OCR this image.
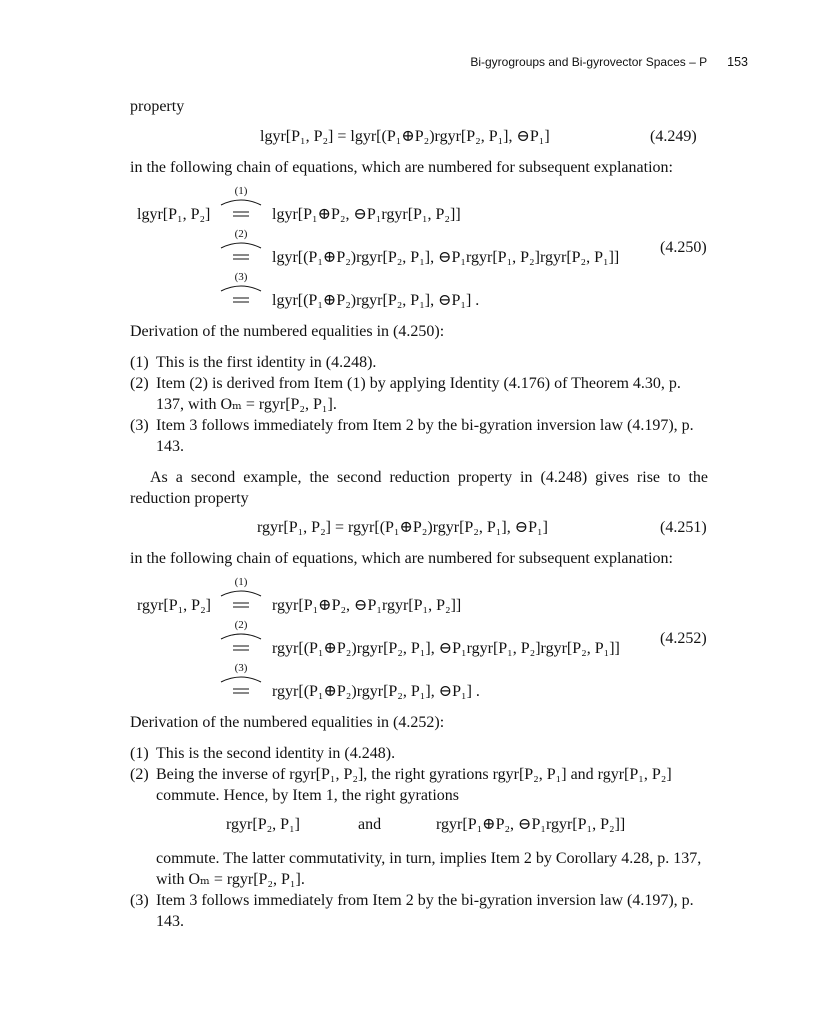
Bi-gyrogroups and Bi-gyrovector Spaces – P 153
property
lgyr[P₁, P₂] = lgyr[(P₁⊕P₂)rgyr[P₂, P₁], ⊖P₁]	(4.249)
in the following chain of equations, which are numbered for subsequent explanation:
lgyr[P₁, P₂]
(1)
lgyr[P₁⊕P₂, ⊖P₁rgyr[P₁, P₂]]
(2)
lgyr[(P₁⊕P₂)rgyr[P₂, P₁], ⊖P₁rgyr[P₁, P₂]rgyr[P₂, P₁]]
(4.250)
(3)
lgyr[(P₁⊕P₂)rgyr[P₂, P₁], ⊖P₁] .
Derivation of the numbered equalities in (4.250):
(1) This is the first identity in (4.248).
(2) Item (2) is derived from Item (1) by applying Identity (4.176) of Theorem 4.30, p. 137, with Oₘ = rgyr[P₂, P₁].
(3) Item 3 follows immediately from Item 2 by the bi-gyration inversion law (4.197), p. 143.
As a second example, the second reduction property in (4.248) gives rise to the reduction property
rgyr[P₁, P₂] = rgyr[(P₁⊕P₂)rgyr[P₂, P₁], ⊖P₁]	(4.251)
in the following chain of equations, which are numbered for subsequent explanation:
rgyr[P₁, P₂]
(1)
rgyr[P₁⊕P₂, ⊖P₁rgyr[P₁, P₂]]
(2)
rgyr[(P₁⊕P₂)rgyr[P₂, P₁], ⊖P₁rgyr[P₁, P₂]rgyr[P₂, P₁]]
(4.252)
(3)
rgyr[(P₁⊕P₂)rgyr[P₂, P₁], ⊖P₁] .
Derivation of the numbered equalities in (4.252):
(1) This is the second identity in (4.248).
(2) Being the inverse of rgyr[P₁, P₂], the right gyrations rgyr[P₂, P₁] and rgyr[P₁, P₂] commute. Hence, by Item 1, the right gyrations
rgyr[P₂, P₁]	and	rgyr[P₁⊕P₂, ⊖P₁rgyr[P₁, P₂]]
commute. The latter commutativity, in turn, implies Item 2 by Corollary 4.28, p. 137, with Oₘ = rgyr[P₂, P₁].
(3) Item 3 follows immediately from Item 2 by the bi-gyration inversion law (4.197), p. 143.
